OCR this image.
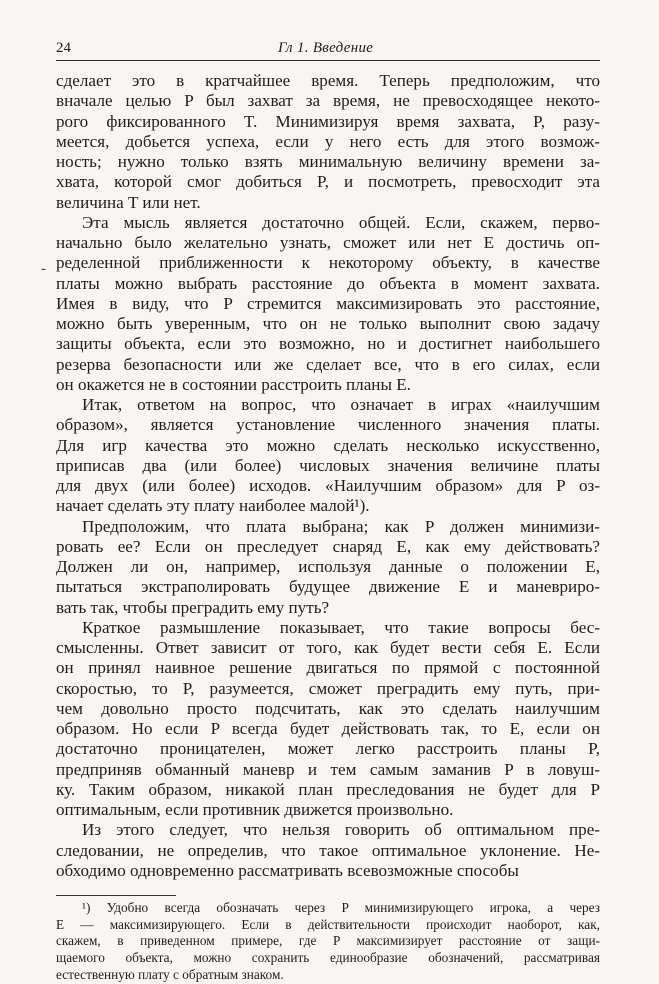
24	Гл 1. Введение

сделает это в кратчайшее время. Теперь предположим, что
вначале целью P был захват за время, не превосходящее некото-
рого фиксированного T. Минимизируя время захвата, P, разу-
меется, добьется успеха, если у него есть для этого возмож-
ность; нужно только взять минимальную величину времени за-
хвата, которой смог добиться P, и посмотреть, превосходит эта
величина T или нет.

Эта мысль является достаточно общей. Если, скажем, перво-
начально было желательно узнать, сможет или нет E достичь оп-
ределенной приближенности к некоторому объекту, в качестве
платы можно выбрать расстояние до объекта в момент захвата.
Имея в виду, что P стремится максимизировать это расстояние,
можно быть уверенным, что он не только выполнит свою задачу
защиты объекта, если это возможно, но и достигнет наибольшего
резерва безопасности или же сделает все, что в его силах, если
он окажется не в состоянии расстроить планы E.

Итак, ответом на вопрос, что означает в играх «наилучшим
образом», является установление численного значения платы.
Для игр качества это можно сделать несколько искусственно,
приписав два (или более) числовых значения величине платы
для двух (или более) исходов. «Наилучшим образом» для P оз-
начает сделать эту плату наиболее малой¹).

Предположим, что плата выбрана; как P должен минимизи-
ровать ее? Если он преследует снаряд E, как ему действовать?
Должен ли он, например, используя данные о положении E,
пытаться экстраполировать будущее движение E и маневриро-
вать так, чтобы преградить ему путь?

Краткое размышление показывает, что такие вопросы бес-
смысленны. Ответ зависит от того, как будет вести себя E. Если
он принял наивное решение двигаться по прямой с постоянной
скоростью, то P, разумеется, сможет преградить ему путь, при-
чем довольно просто подсчитать, как это сделать наилучшим
образом. Но если P всегда будет действовать так, то E, если он
достаточно проницателен, может легко расстроить планы P,
предприняв обманный маневр и тем самым заманив P в ловуш-
ку. Таким образом, никакой план преследования не будет для P
оптимальным, если противник движется произвольно.

Из этого следует, что нельзя говорить об оптимальном пре-
следовании, не определив, что такое оптимальное уклонение. Не-
обходимо одновременно рассматривать всевозможные способы

¹) Удобно всегда обозначать через P минимизирующего игрока, а через
E — максимизирующего. Если в действительности происходит наоборот, как,
скажем, в приведенном примере, где P максимизирует расстояние от защи-
щаемого объекта, можно сохранить единообразие обозначений, рассматривая
естественную плату с обратным знаком.
-
